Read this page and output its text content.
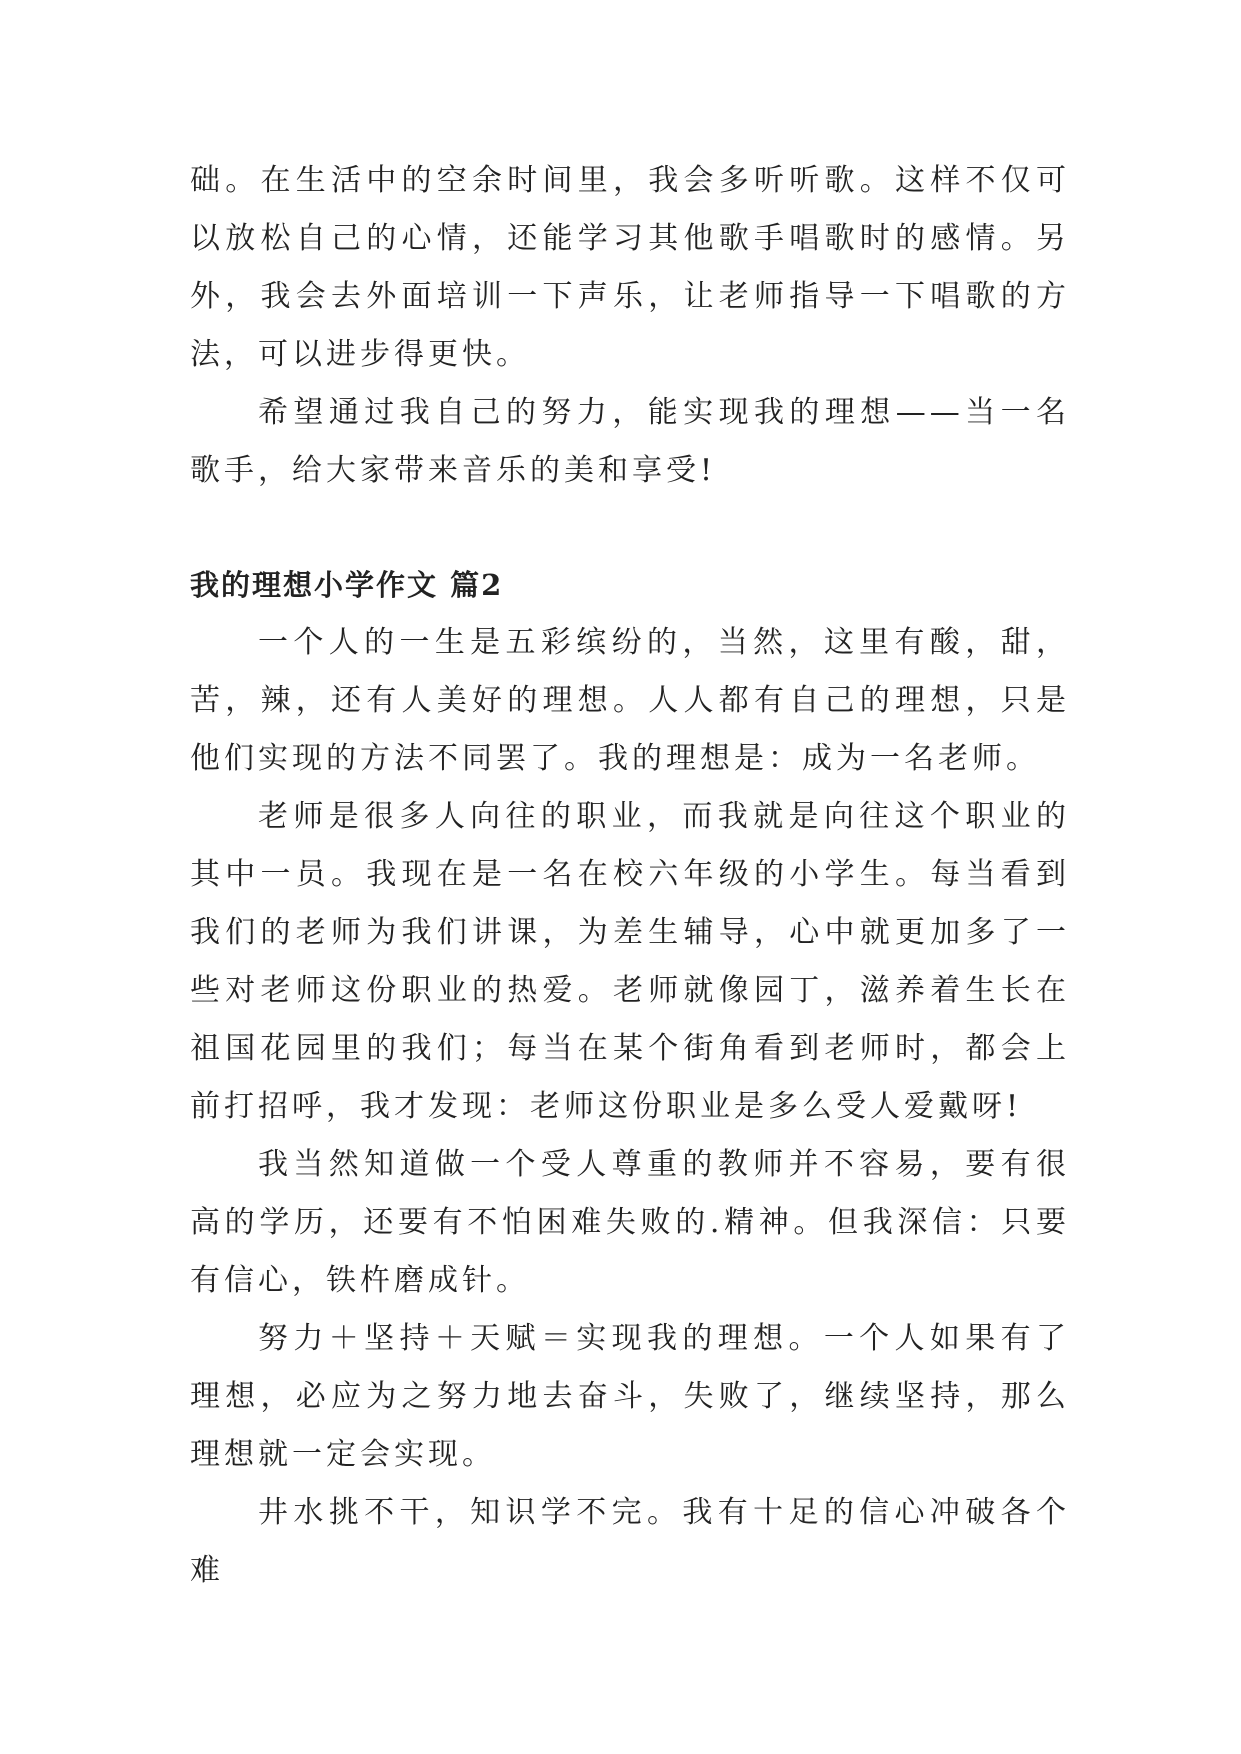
础。在生活中的空余时间里，我会多听听歌。这样不仅可以放松自己的心情，还能学习其他歌手唱歌时的感情。另外，我会去外面培训一下声乐，让老师指导一下唱歌的方法，可以进步得更快。

希望通过我自己的努力，能实现我的理想——当一名歌手，给大家带来音乐的美和享受!

我的理想小学作文 篇2

一个人的一生是五彩缤纷的，当然，这里有酸，甜，苦，辣，还有人美好的理想。人人都有自己的理想，只是他们实现的方法不同罢了。我的理想是：成为一名老师。

老师是很多人向往的职业，而我就是向往这个职业的其中一员。我现在是一名在校六年级的小学生。每当看到我们的老师为我们讲课，为差生辅导，心中就更加多了一些对老师这份职业的热爱。老师就像园丁，滋养着生长在祖国花园里的我们；每当在某个街角看到老师时，都会上前打招呼，我才发现：老师这份职业是多么受人爱戴呀!

我当然知道做一个受人尊重的教师并不容易，要有很高的学历，还要有不怕困难失败的.精神。但我深信：只要有信心，铁杵磨成针。

努力＋坚持＋天赋＝实现我的理想。一个人如果有了理想，必应为之努力地去奋斗，失败了，继续坚持，那么理想就一定会实现。

井水挑不干，知识学不完。我有十足的信心冲破各个难
